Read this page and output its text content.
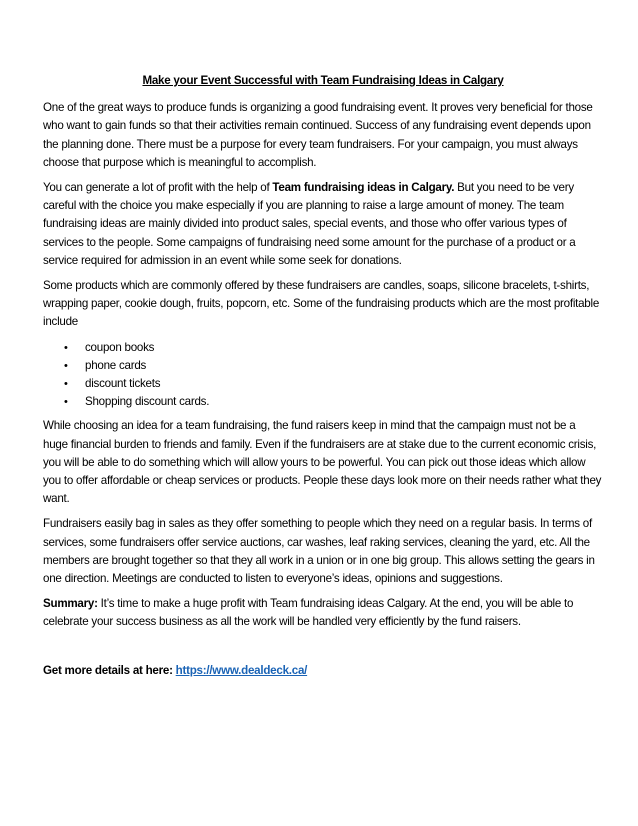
Make your Event Successful with Team Fundraising Ideas in Calgary

One of the great ways to produce funds is organizing a good fundraising event. It proves very beneficial for those who want to gain funds so that their activities remain continued. Success of any fundraising event depends upon the planning done. There must be a purpose for every team fundraisers. For your campaign, you must always choose that purpose which is meaningful to accomplish.

You can generate a lot of profit with the help of Team fundraising ideas in Calgary. But you need to be very careful with the choice you make especially if you are planning to raise a large amount of money. The team fundraising ideas are mainly divided into product sales, special events, and those who offer various types of services to the people. Some campaigns of fundraising need some amount for the purchase of a product or a service required for admission in an event while some seek for donations.

Some products which are commonly offered by these fundraisers are candles, soaps, silicone bracelets, t-shirts, wrapping paper, cookie dough, fruits, popcorn, etc. Some of the fundraising products which are the most profitable include

• coupon books
• phone cards
• discount tickets
• Shopping discount cards.

While choosing an idea for a team fundraising, the fund raisers keep in mind that the campaign must not be a huge financial burden to friends and family. Even if the fundraisers are at stake due to the current economic crisis, you will be able to do something which will allow yours to be powerful. You can pick out those ideas which allow you to offer affordable or cheap services or products. People these days look more on their needs rather what they want.

Fundraisers easily bag in sales as they offer something to people which they need on a regular basis. In terms of services, some fundraisers offer service auctions, car washes, leaf raking services, cleaning the yard, etc. All the members are brought together so that they all work in a union or in one big group. This allows setting the gears in one direction. Meetings are conducted to listen to everyone’s ideas, opinions and suggestions.

Summary: It’s time to make a huge profit with Team fundraising ideas Calgary. At the end, you will be able to celebrate your success business as all the work will be handled very efficiently by the fund raisers.

Get more details at here: https://www.dealdeck.ca/
